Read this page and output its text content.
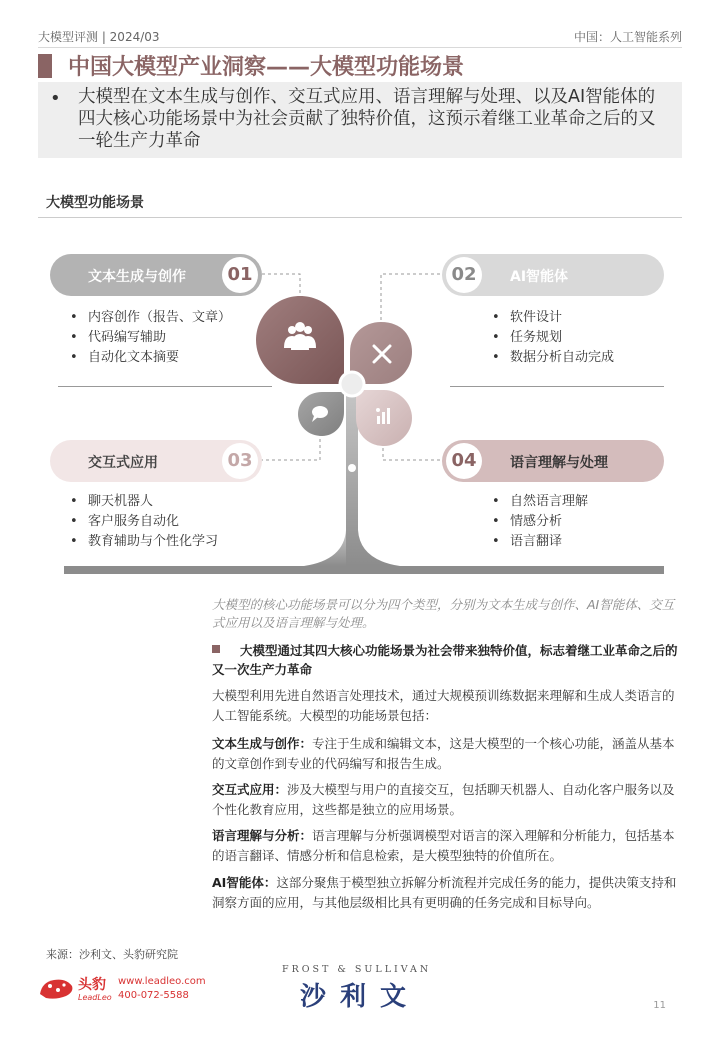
大模型评测 | 2024/03	中国：人工智能系列
中国大模型产业洞察——大模型功能场景
• 大模型在文本生成与创作、交互式应用、语言理解与处理、以及AI智能体的四大核心功能场景中为社会贡献了独特价值，这预示着继工业革命之后的又一轮生产力革命
大模型功能场景
文本生成与创作	01
• 内容创作（报告、文章）
• 代码编写辅助
• 自动化文本摘要
02	AI智能体
• 软件设计
• 任务规划
• 数据分析自动完成
交互式应用	03
• 聊天机器人
• 客户服务自动化
• 教育辅助与个性化学习
04	语言理解与处理
• 自然语言理解
• 情感分析
• 语言翻译
大模型的核心功能场景可以分为四个类型，分别为文本生成与创作、AI智能体、交互式应用以及语言理解与处理。
大模型通过其四大核心功能场景为社会带来独特价值，标志着继工业革命之后的又一次生产力革命
大模型利用先进自然语言处理技术，通过大规模预训练数据来理解和生成人类语言的人工智能系统。大模型的功能场景包括：
文本生成与创作：专注于生成和编辑文本，这是大模型的一个核心功能，涵盖从基本的文章创作到专业的代码编写和报告生成。
交互式应用：涉及大模型与用户的直接交互，包括聊天机器人、自动化客户服务以及个性化教育应用，这些都是独立的应用场景。
语言理解与分析：语言理解与分析强调模型对语言的深入理解和分析能力，包括基本的语言翻译、情感分析和信息检索，是大模型独特的价值所在。
AI智能体：这部分聚焦于模型独立拆解分析流程并完成任务的能力，提供决策支持和洞察方面的应用，与其他层级相比具有更明确的任务完成和目标导向。
来源：沙利文、头豹研究院
头豹
LeadLeo
www.leadleo.com
400-072-5588
FROST & SULLIVAN
沙利文	11
